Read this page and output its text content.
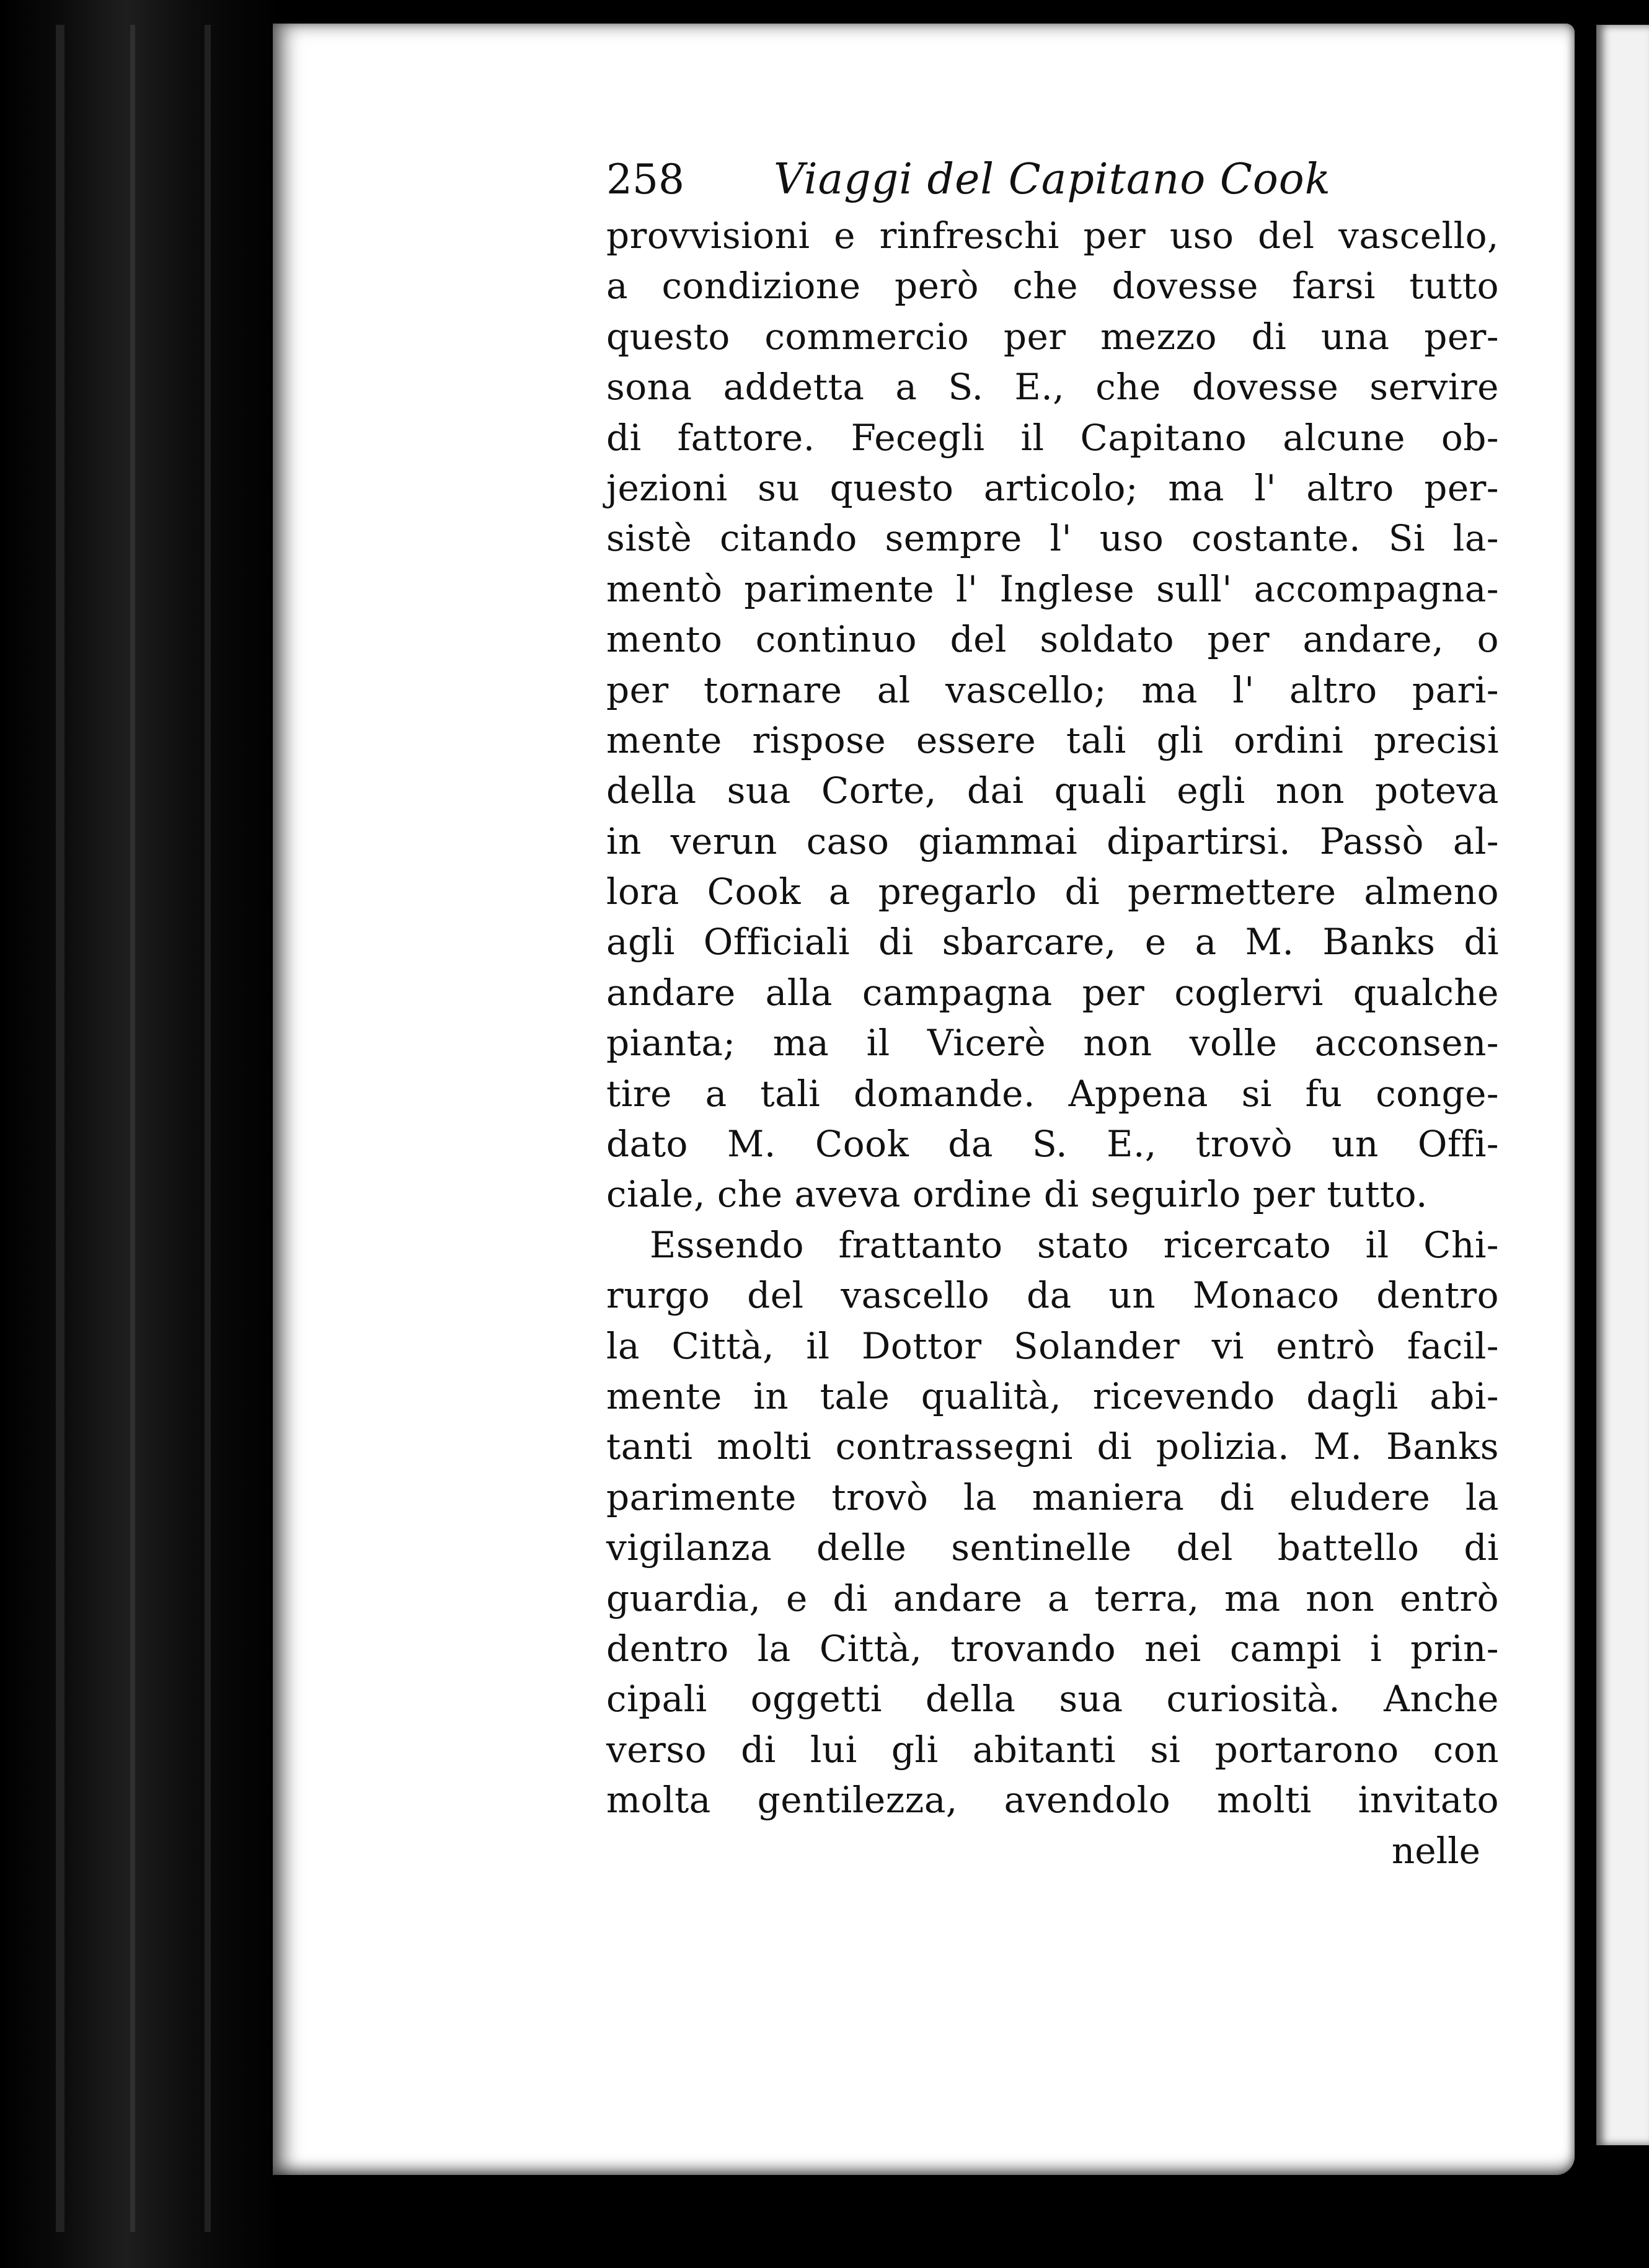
258	Viaggi del Capitano Cook
provvisioni e rinfreschi per uso del vascello,
a condizione però che dovesse farsi tutto
questo commercio per mezzo di una per-
sona addetta a S. E., che dovesse servire
di fattore. Fecegli il Capitano alcune ob-
jezioni su questo articolo; ma l' altro per-
sistè citando sempre l' uso costante. Si la-
mentò parimente l' Inglese sull' accompagna-
mento continuo del soldato per andare, o
per tornare al vascello; ma l' altro pari-
mente rispose essere tali gli ordini precisi
della sua Corte, dai quali egli non poteva
in verun caso giammai dipartirsi. Passò al-
lora Cook a pregarlo di permettere almeno
agli Officiali di sbarcare, e a M. Banks di
andare alla campagna per coglervi qualche
pianta; ma il Vicerè non volle acconsen-
tire a tali domande. Appena si fu conge-
dato M. Cook da S. E., trovò un Offi-
ciale, che aveva ordine di seguirlo per tutto.
Essendo frattanto stato ricercato il Chi-
rurgo del vascello da un Monaco dentro
la Città, il Dottor Solander vi entrò facil-
mente in tale qualità, ricevendo dagli abi-
tanti molti contrassegni di polizia. M. Banks
parimente trovò la maniera di eludere la
vigilanza delle sentinelle del battello di
guardia, e di andare a terra, ma non entrò
dentro la Città, trovando nei campi i prin-
cipali oggetti della sua curiosità. Anche
verso di lui gli abitanti si portarono con
molta gentilezza, avendolo molti invitato
nelle
